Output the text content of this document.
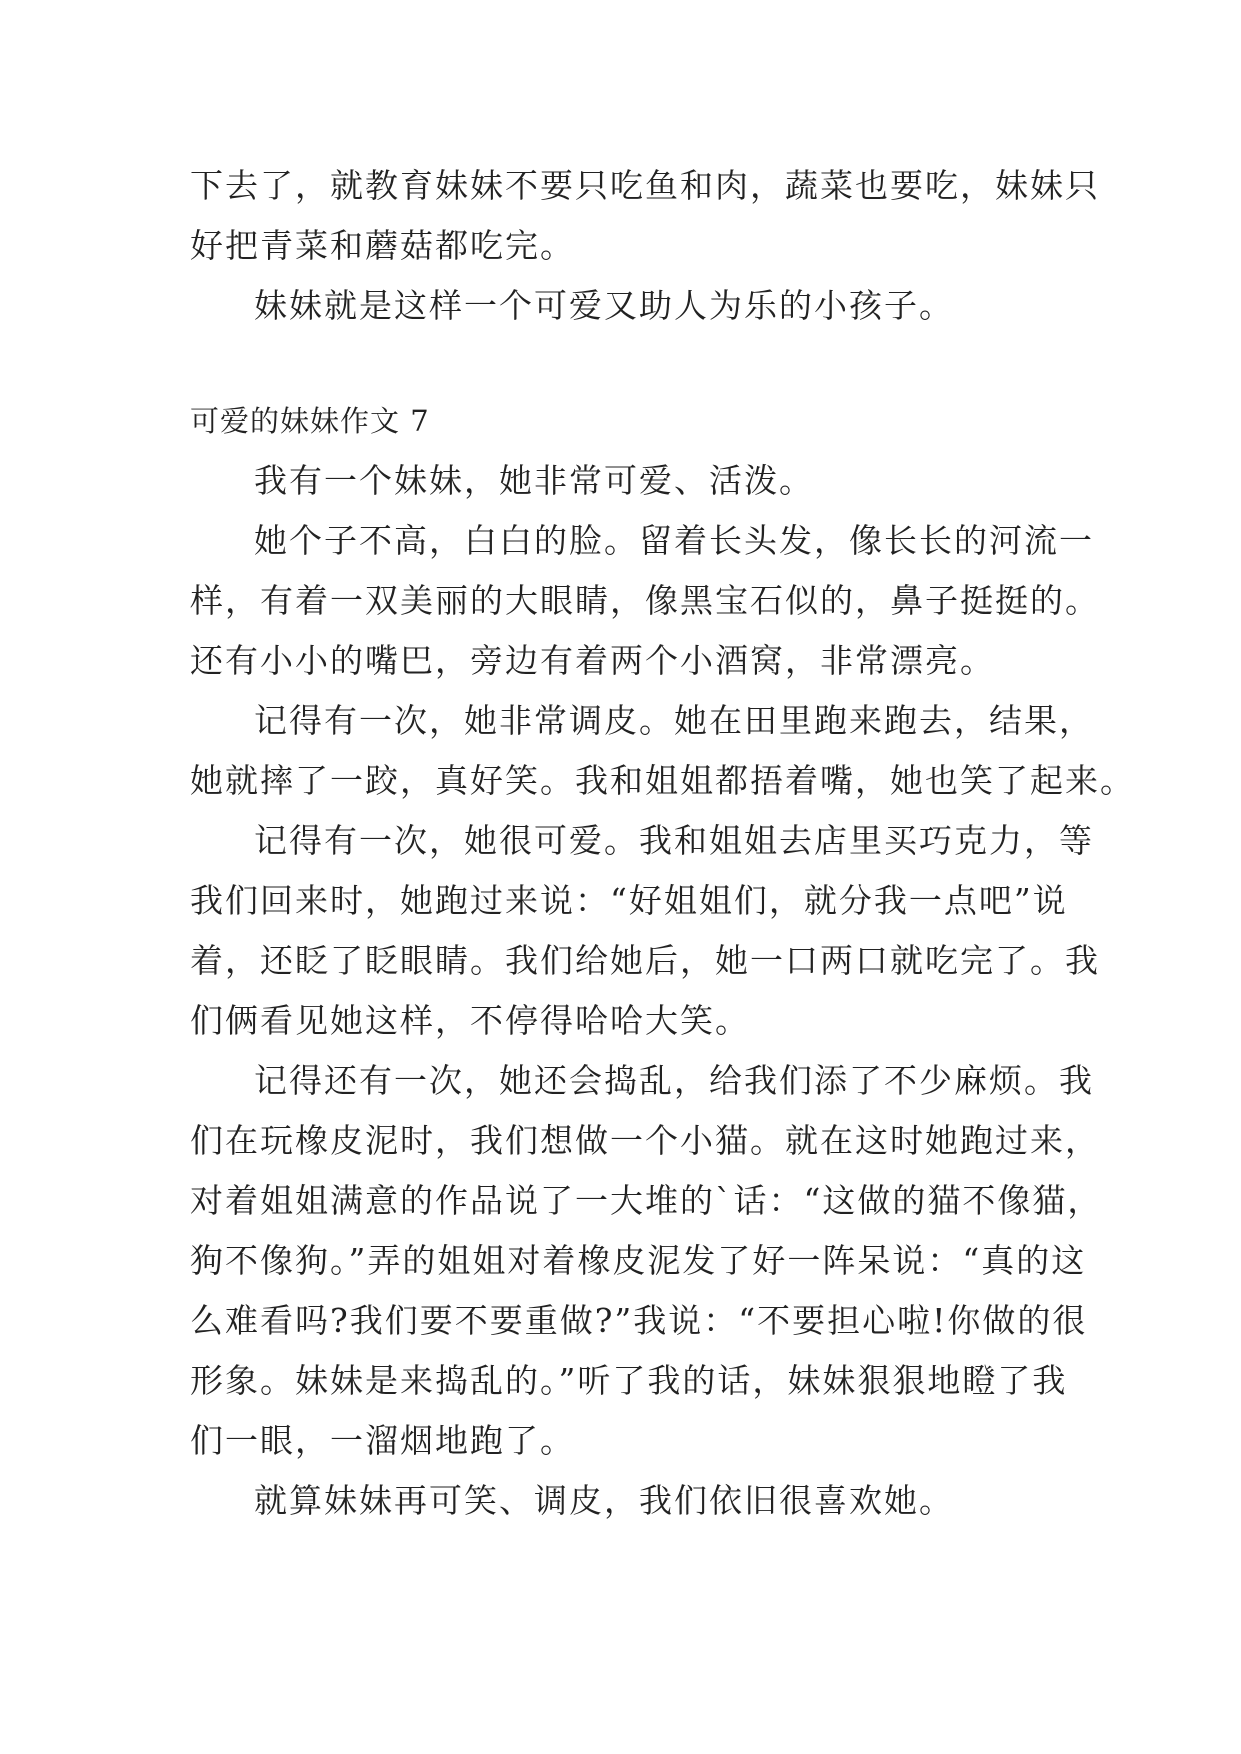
下去了，就教育妹妹不要只吃鱼和肉，蔬菜也要吃，妹妹只
好把青菜和蘑菇都吃完。
妹妹就是这样一个可爱又助人为乐的小孩子。
可爱的妹妹作文 7
我有一个妹妹，她非常可爱、活泼。
她个子不高，白白的脸。留着长头发，像长长的河流一
样，有着一双美丽的大眼睛，像黑宝石似的，鼻子挺挺的。
还有小小的嘴巴，旁边有着两个小酒窝，非常漂亮。
记得有一次，她非常调皮。她在田里跑来跑去，结果，
她就摔了一跤，真好笑。我和姐姐都捂着嘴，她也笑了起来。
记得有一次，她很可爱。我和姐姐去店里买巧克力，等
我们回来时，她跑过来说：“好姐姐们，就分我一点吧”说
着，还眨了眨眼睛。我们给她后，她一口两口就吃完了。我
们俩看见她这样，不停得哈哈大笑。
记得还有一次，她还会捣乱，给我们添了不少麻烦。我
们在玩橡皮泥时，我们想做一个小猫。就在这时她跑过来，
对着姐姐满意的作品说了一大堆的`话：“这做的猫不像猫，
狗不像狗。”弄的姐姐对着橡皮泥发了好一阵呆说：“真的这
么难看吗?我们要不要重做?”我说：“不要担心啦!你做的很
形象。妹妹是来捣乱的。”听了我的话，妹妹狠狠地瞪了我
们一眼，一溜烟地跑了。
就算妹妹再可笑、调皮，我们依旧很喜欢她。
